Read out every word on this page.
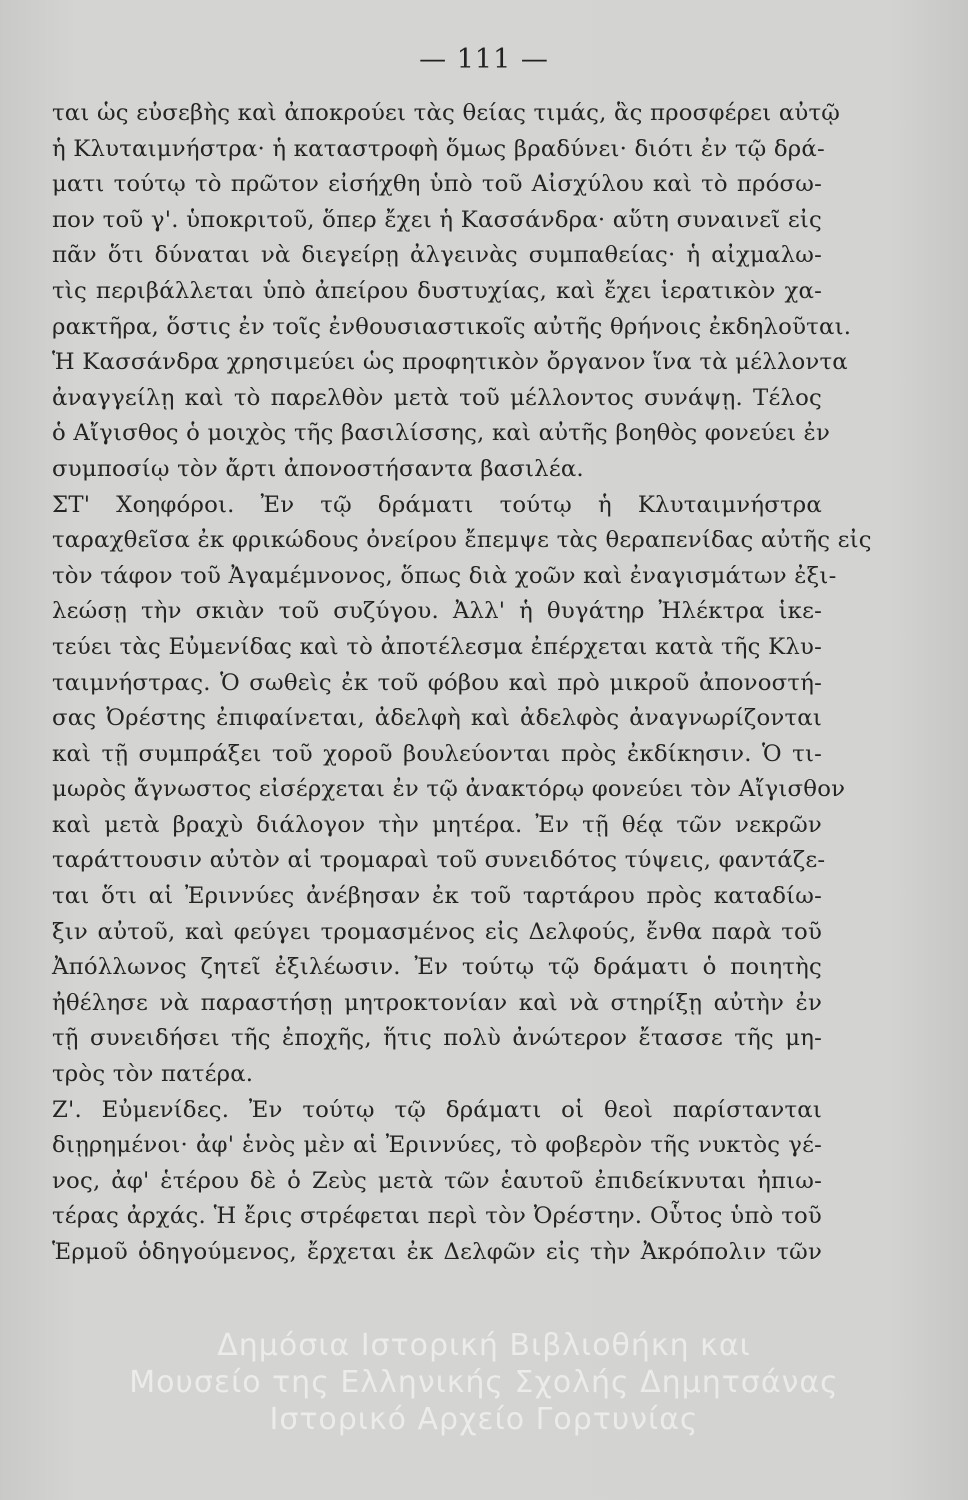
— 111 —
ται ὡς εὐσεβὴς καὶ ἀποκρούει τὰς θείας τιμάς, ἃς προσφέρει αὐτῷ
ἡ Κλυταιμνήστρα· ἡ καταστροφὴ ὅμως βραδύνει· διότι ἐν τῷ δρά-
ματι τούτῳ τὸ πρῶτον εἰσήχθη ὑπὸ τοῦ Αἰσχύλου καὶ τὸ πρόσω-
πον τοῦ γ'. ὑποκριτοῦ, ὅπερ ἔχει ἡ Κασσάνδρα· αὕτη συναινεῖ εἰς
πᾶν ὅτι δύναται νὰ διεγείρῃ ἀλγεινὰς συμπαθείας· ἡ αἰχμαλω-
τὶς περιβάλλεται ὑπὸ ἀπείρου δυστυχίας, καὶ ἔχει ἱερατικὸν χα-
ρακτῆρα, ὅστις ἐν τοῖς ἐνθουσιαστικοῖς αὐτῆς θρήνοις ἐκδηλοῦται.
Ἡ Κασσάνδρα χρησιμεύει ὡς προφητικὸν ὄργανον ἵνα τὰ μέλλοντα
ἀναγγείλῃ καὶ τὸ παρελθὸν μετὰ τοῦ μέλλοντος συνάψῃ. Τέλος
ὁ Αἴγισθος ὁ μοιχὸς τῆς βασιλίσσης, καὶ αὐτῆς βοηθὸς φονεύει ἐν
συμποσίῳ τὸν ἄρτι ἀπονοστήσαντα βασιλέα.
ΣΤ' Χοηφόροι. Ἐν τῷ δράματι τούτῳ ἡ Κλυταιμνήστρα
ταραχθεῖσα ἐκ φρικώδους ὀνείρου ἔπεμψε τὰς θεραπενίδας αὐτῆς εἰς
τὸν τάφον τοῦ Ἀγαμέμνονος, ὅπως διὰ χοῶν καὶ ἐναγισμάτων ἐξι-
λεώσῃ τὴν σκιὰν τοῦ συζύγου. Ἀλλ' ἡ θυγάτηρ Ἠλέκτρα ἱκε-
τεύει τὰς Εὐμενίδας καὶ τὸ ἀποτέλεσμα ἐπέρχεται κατὰ τῆς Κλυ-
ταιμνήστρας. Ὁ σωθεὶς ἐκ τοῦ φόβου καὶ πρὸ μικροῦ ἀπονοστή-
σας Ὀρέστης ἐπιφαίνεται, ἀδελφὴ καὶ ἀδελφὸς ἀναγνωρίζονται
καὶ τῇ συμπράξει τοῦ χοροῦ βουλεύονται πρὸς ἐκδίκησιν. Ὁ τι-
μωρὸς ἄγνωστος εἰσέρχεται ἐν τῷ ἀνακτόρῳ φονεύει τὸν Αἴγισθον
καὶ μετὰ βραχὺ διάλογον τὴν μητέρα. Ἐν τῇ θέᾳ τῶν νεκρῶν
ταράττουσιν αὐτὸν αἱ τρομαραὶ τοῦ συνειδότος τύψεις, φαντάζε-
ται ὅτι αἱ Ἐριννύες ἀνέβησαν ἐκ τοῦ ταρτάρου πρὸς καταδίω-
ξιν αὐτοῦ, καὶ φεύγει τρομασμένος εἰς Δελφούς, ἔνθα παρὰ τοῦ
Ἀπόλλωνος ζητεῖ ἐξιλέωσιν. Ἐν τούτῳ τῷ δράματι ὁ ποιητὴς
ἠθέλησε νὰ παραστήσῃ μητροκτονίαν καὶ νὰ στηρίξῃ αὐτὴν ἐν
τῇ συνειδήσει τῆς ἐποχῆς, ἥτις πολὺ ἀνώτερον ἔτασσε τῆς μη-
τρὸς τὸν πατέρα.
Ζ'. Εὐμενίδες. Ἐν τούτῳ τῷ δράματι οἱ θεοὶ παρίστανται
διῃρημένοι· ἀφ' ἑνὸς μὲν αἱ Ἐριννύες, τὸ φοβερὸν τῆς νυκτὸς γέ-
νος, ἀφ' ἑτέρου δὲ ὁ Ζεὺς μετὰ τῶν ἑαυτοῦ ἐπιδείκνυται ἠπιω-
τέρας ἀρχάς. Ἡ ἔρις στρέφεται περὶ τὸν Ὀρέστην. Οὗτος ὑπὸ τοῦ
Ἑρμοῦ ὁδηγούμενος, ἔρχεται ἐκ Δελφῶν εἰς τὴν Ἀκρόπολιν τῶν
Δημόσια Ιστορική Βιβλιοθήκη και
Μουσείο της Ελληνικής Σχολής Δημητσάνας
Ιστορικό Αρχείο Γορτυνίας
